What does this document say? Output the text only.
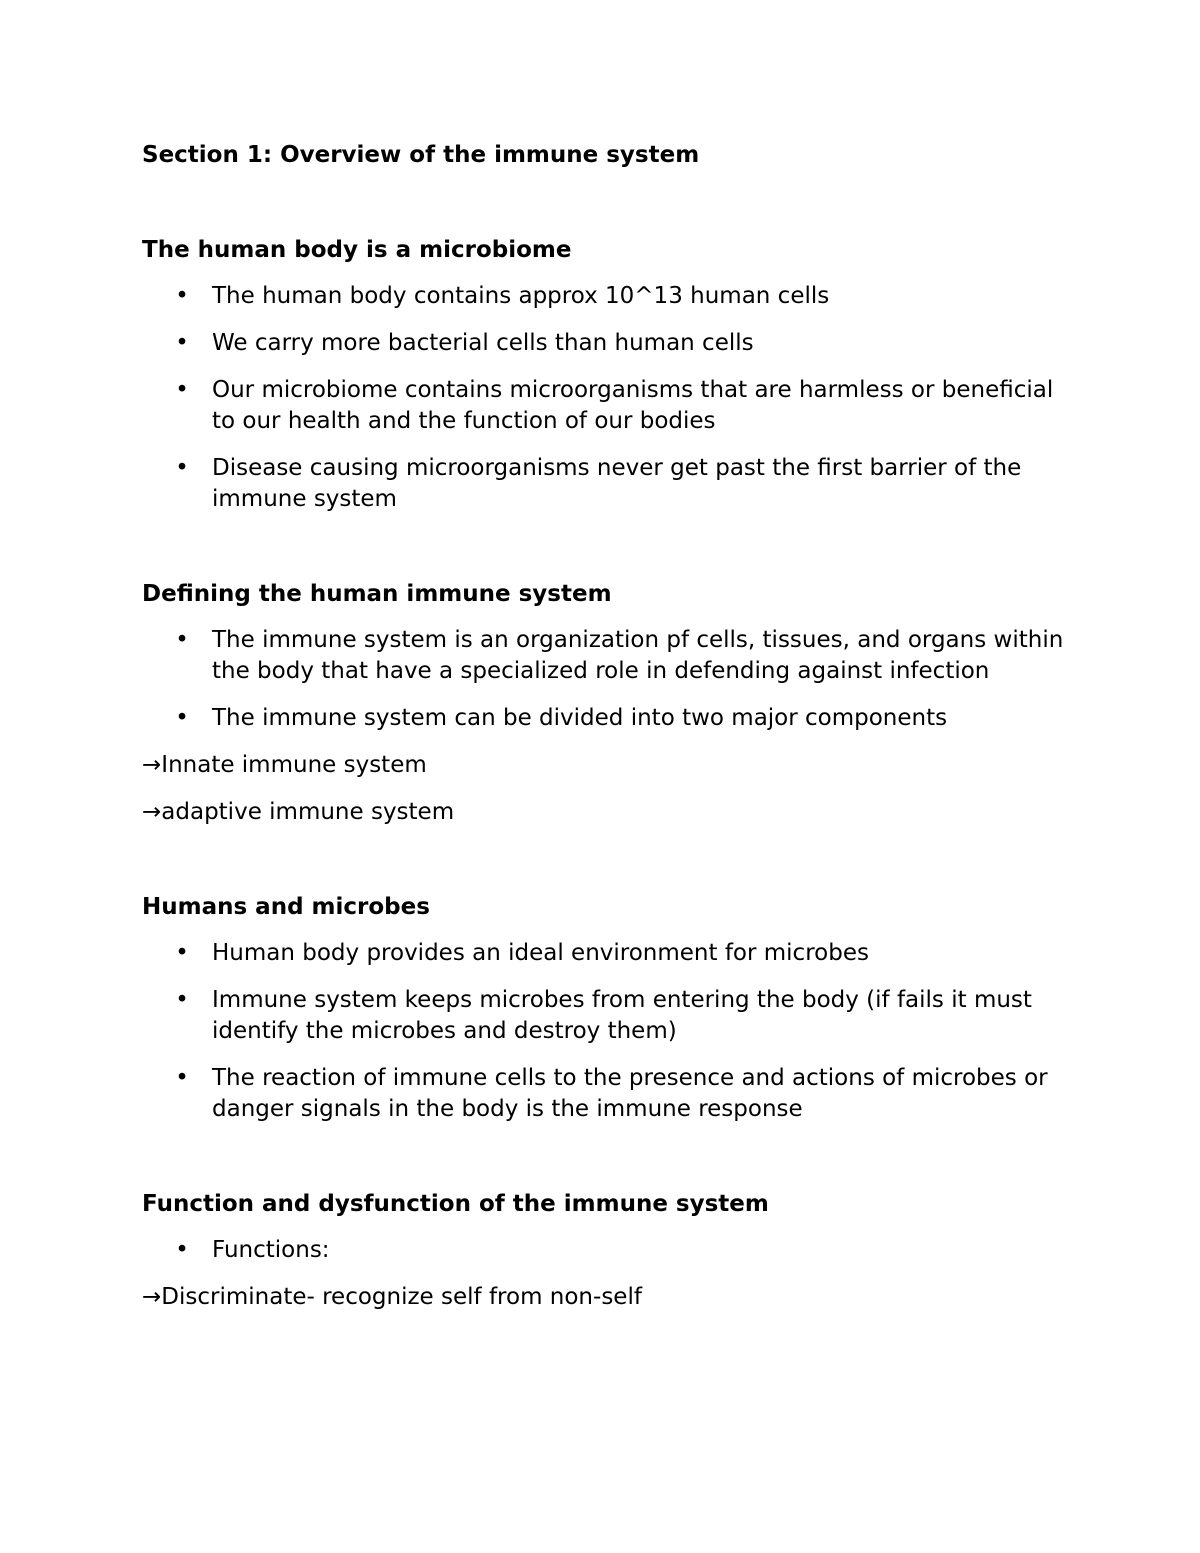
Section 1: Overview of the immune system
The human body is a microbiome
• The human body contains approx 10^13 human cells
• We carry more bacterial cells than human cells
• Our microbiome contains microorganisms that are harmless or beneficial to our health and the function of our bodies
• Disease causing microorganisms never get past the first barrier of the immune system
Defining the human immune system
• The immune system is an organization pf cells, tissues, and organs within the body that have a specialized role in defending against infection
• The immune system can be divided into two major components
→Innate immune system
→adaptive immune system
Humans and microbes
• Human body provides an ideal environment for microbes
• Immune system keeps microbes from entering the body (if fails it must identify the microbes and destroy them)
• The reaction of immune cells to the presence and actions of microbes or danger signals in the body is the immune response
Function and dysfunction of the immune system
• Functions:
→Discriminate- recognize self from non-self
